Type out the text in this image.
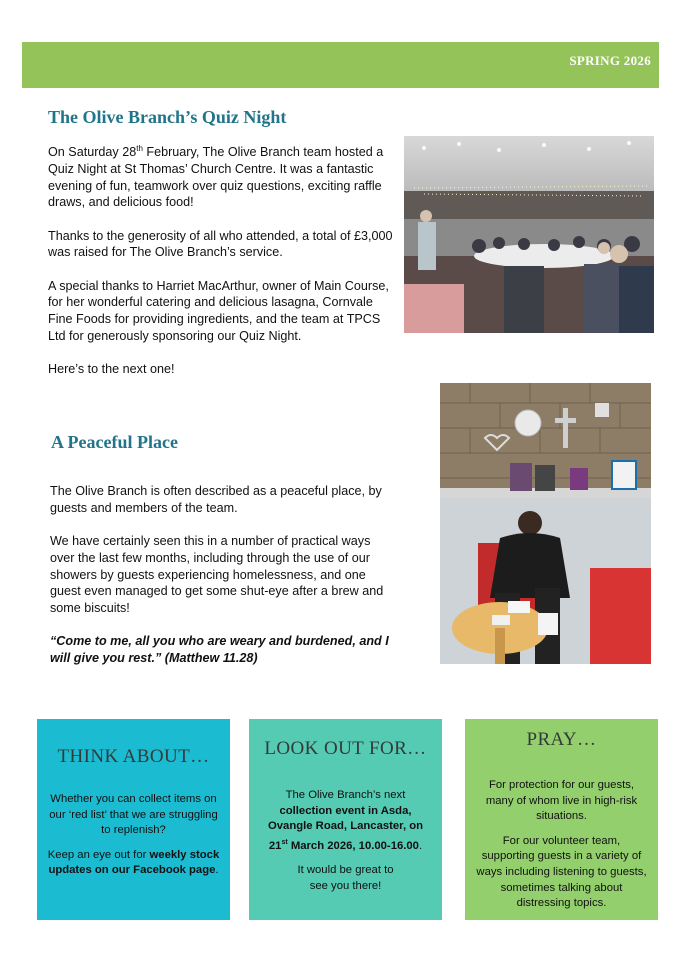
SPRING 2026
The Olive Branch’s Quiz Night

On Saturday 28th February, The Olive Branch team hosted a Quiz Night at St Thomas’ Church Centre. It was a fantastic evening of fun, teamwork over quiz questions, exciting raffle draws, and delicious food!

Thanks to the generosity of all who attended, a total of £3,000 was raised for The Olive Branch’s service.

A special thanks to Harriet MacArthur, owner of Main Course, for her wonderful catering and delicious lasagna, Cornvale Fine Foods for providing ingredients, and the team at TPCS Ltd for generously sponsoring our Quiz Night.

Here’s to the next one!

A Peaceful Place

The Olive Branch is often described as a peaceful place, by guests and members of the team.

We have certainly seen this in a number of practical ways over the last few months, including through the use of our showers by guests experiencing homelessness, and one guest even managed to get some shut-eye after a brew and some biscuits!

“Come to me, all you who are weary and burdened, and I will give you rest.” (Matthew 11.28)

THINK ABOUT…

Whether you can collect items on our ‘red list’ that we are struggling to replenish?

Keep an eye out for weekly stock updates on our Facebook page.

LOOK OUT FOR…

The Olive Branch’s next collection event in Asda, Ovangle Road, Lancaster, on 21st March 2026, 10.00-16.00.

It would be great to see you there!

PRAY…

For protection for our guests, many of whom live in high-risk situations.

For our volunteer team, supporting guests in a variety of ways including listening to guests, sometimes talking about distressing topics.
